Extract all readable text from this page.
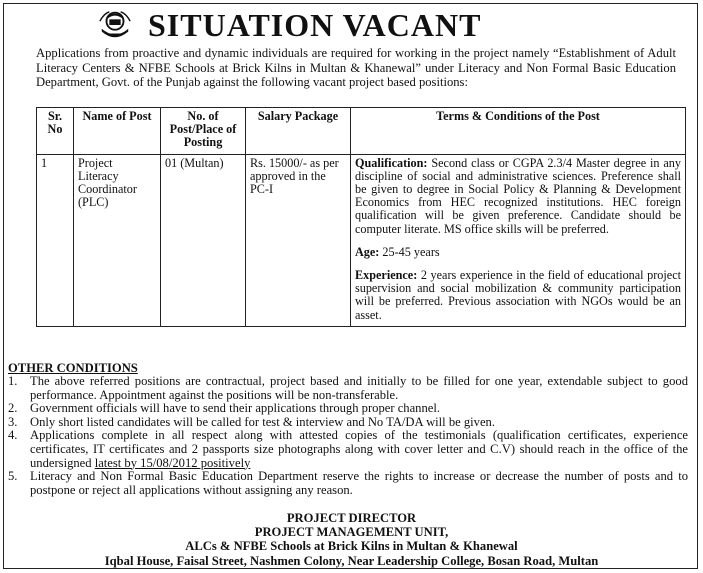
SITUATION VACANT
Applications from proactive and dynamic individuals are required for working in the project namely “Establishment of Adult Literacy Centers & NFBE Schools at Brick Kilns in Multan & Khanewal” under Literacy and Non Formal Basic Education Department, Govt. of the Punjab against the following vacant project based positions:
Sr. No	Name of Post	No. of Post/Place of Posting	Salary Package	Terms & Conditions of the Post
1	Project Literacy Coordinator (PLC)	01 (Multan)	Rs. 15000/- as per approved in the PC-I	Qualification: Second class or CGPA 2.3/4 Master degree in any discipline of social and administrative sciences. Preference shall be given to degree in Social Policy & Planning & Development Economics from HEC recognized institutions. HEC foreign qualification will be given preference. Candidate should be computer literate. MS office skills will be preferred.

Age: 25-45 years

Experience: 2 years experience in the field of educational project supervision and social mobilization & community participation will be preferred. Previous association with NGOs would be an asset.

OTHER CONDITIONS
1. The above referred positions are contractual, project based and initially to be filled for one year, extendable subject to good performance. Appointment against the positions will be non-transferable.
2. Government officials will have to send their applications through proper channel.
3. Only short listed candidates will be called for test & interview and No TA/DA will be given.
4. Applications complete in all respect along with attested copies of the testimonials (qualification certificates, experience certificates, IT certificates and 2 passports size photographs along with cover letter and C.V) should reach in the office of the undersigned latest by 15/08/2012 positively
5. Literacy and Non Formal Basic Education Department reserve the rights to increase or decrease the number of posts and to postpone or reject all applications without assigning any reason.
PROJECT DIRECTOR
PROJECT MANAGEMENT UNIT,
ALCs & NFBE Schools at Brick Kilns in Multan & Khanewal
Iqbal House, Faisal Street, Nashmen Colony, Near Leadership College, Bosan Road, Multan
